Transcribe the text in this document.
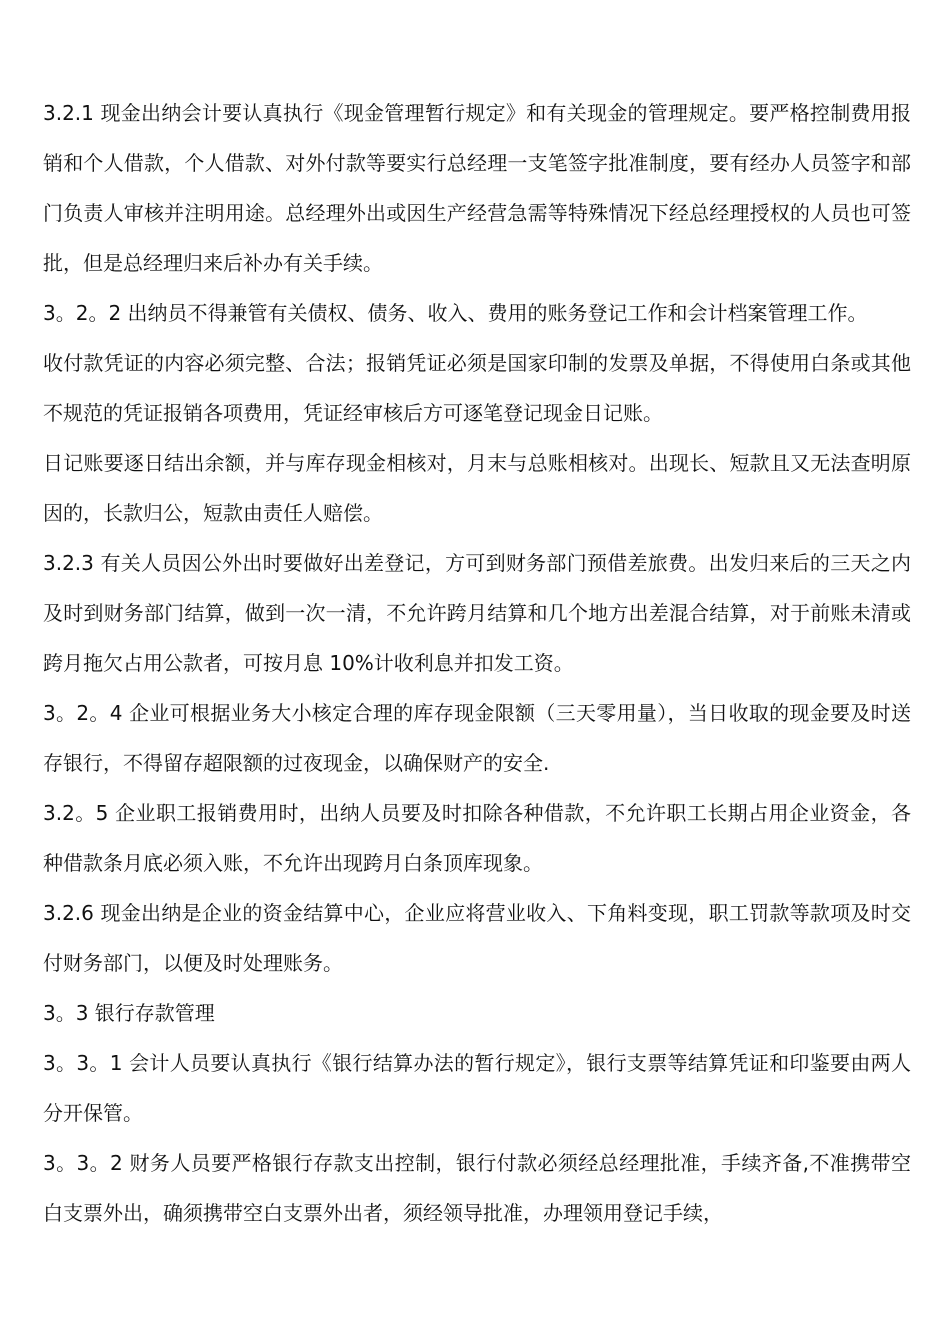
3.2.1 现金出纳会计要认真执行《现金管理暂行规定》和有关现金的管理规定。要严格控制费用报销和个人借款，个人借款、对外付款等要实行总经理一支笔签字批准制度，要有经办人员签字和部门负责人审核并注明用途。总经理外出或因生产经营急需等特殊情况下经总经理授权的人员也可签批，但是总经理归来后补办有关手续。

3。2。2 出纳员不得兼管有关债权、债务、收入、费用的账务登记工作和会计档案管理工作。

收付款凭证的内容必须完整、合法；报销凭证必须是国家印制的发票及单据，不得使用白条或其他不规范的凭证报销各项费用，凭证经审核后方可逐笔登记现金日记账。

日记账要逐日结出余额，并与库存现金相核对，月末与总账相核对。出现长、短款且又无法查明原因的，长款归公，短款由责任人赔偿。

3.2.3 有关人员因公外出时要做好出差登记，方可到财务部门预借差旅费。出发归来后的三天之内及时到财务部门结算，做到一次一清，不允许跨月结算和几个地方出差混合结算，对于前账未清或跨月拖欠占用公款者，可按月息 10%计收利息并扣发工资。

3。2。4 企业可根据业务大小核定合理的库存现金限额（三天零用量），当日收取的现金要及时送存银行，不得留存超限额的过夜现金，以确保财产的安全.

3.2。5 企业职工报销费用时，出纳人员要及时扣除各种借款，不允许职工长期占用企业资金，各种借款条月底必须入账，不允许出现跨月白条顶库现象。

3.2.6 现金出纳是企业的资金结算中心，企业应将营业收入、下角料变现，职工罚款等款项及时交付财务部门，以便及时处理账务。

3。3 银行存款管理

3。3。1 会计人员要认真执行《银行结算办法的暂行规定》，银行支票等结算凭证和印鉴要由两人分开保管。

3。3。2 财务人员要严格银行存款支出控制，银行付款必须经总经理批准，手续齐备,不准携带空白支票外出，确须携带空白支票外出者，须经领导批准，办理领用登记手续，
